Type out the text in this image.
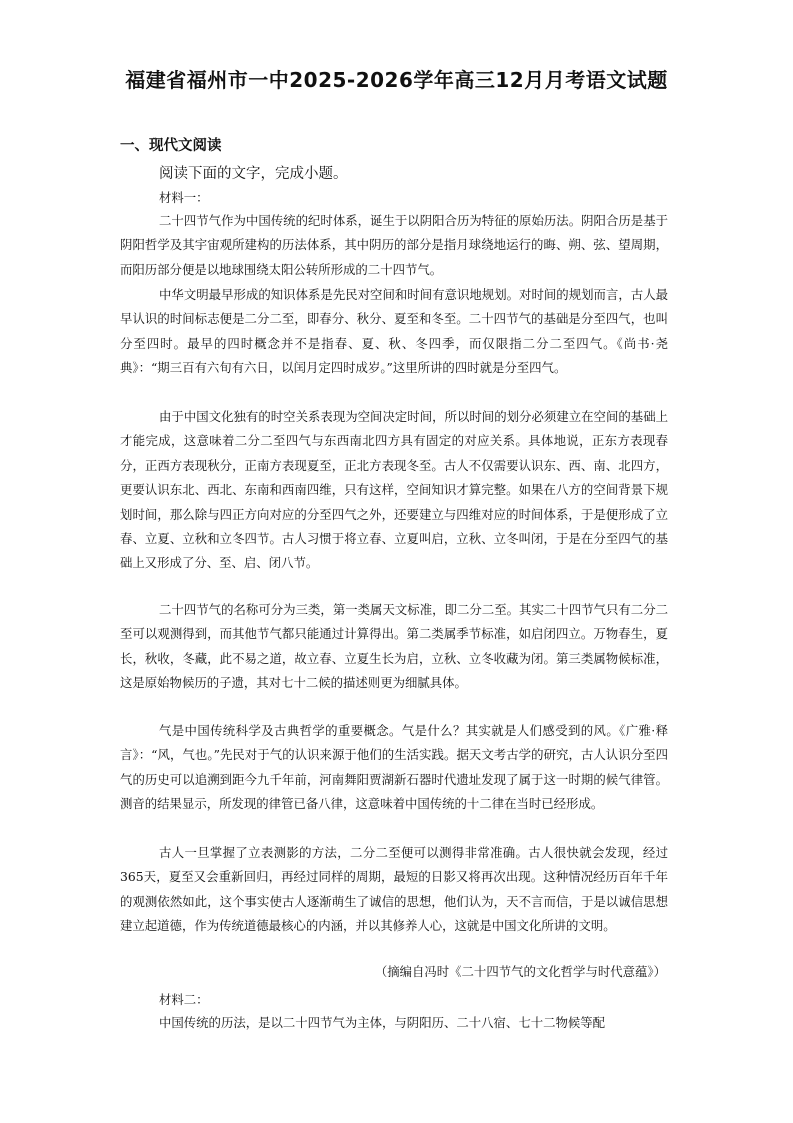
福建省福州市一中2025-2026学年高三12月月考语文试题
一、现代文阅读

阅读下面的文字，完成小题。

材料一：

二十四节气作为中国传统的纪时体系，诞生于以阴阳合历为特征的原始历法。阴阳合历是基于阴阳哲学及其宇宙观所建构的历法体系，其中阴历的部分是指月球绕地运行的晦、朔、弦、望周期，而阳历部分便是以地球围绕太阳公转所形成的二十四节气。

中华文明最早形成的知识体系是先民对空间和时间有意识地规划。对时间的规划而言，古人最早认识的时间标志便是二分二至，即春分、秋分、夏至和冬至。二十四节气的基础是分至四气，也叫分至四时。最早的四时概念并不是指春、夏、秋、冬四季，而仅限指二分二至四气。《尚书·尧典》：“期三百有六旬有六日，以闰月定四时成岁。”这里所讲的四时就是分至四气。

由于中国文化独有的时空关系表现为空间决定时间，所以时间的划分必须建立在空间的基础上才能完成，这意味着二分二至四气与东西南北四方具有固定的对应关系。具体地说，正东方表现春分，正西方表现秋分，正南方表现夏至，正北方表现冬至。古人不仅需要认识东、西、南、北四方，更要认识东北、西北、东南和西南四维，只有这样，空间知识才算完整。如果在八方的空间背景下规划时间，那么除与四正方向对应的分至四气之外，还要建立与四维对应的时间体系，于是便形成了立春、立夏、立秋和立冬四节。古人习惯于将立春、立夏叫启，立秋、立冬叫闭，于是在分至四气的基础上又形成了分、至、启、闭八节。

二十四节气的名称可分为三类，第一类属天文标准，即二分二至。其实二十四节气只有二分二至可以观测得到，而其他节气都只能通过计算得出。第二类属季节标准，如启闭四立。万物春生，夏长，秋收，冬藏，此不易之道，故立春、立夏生长为启，立秋、立冬收藏为闭。第三类属物候标准，这是原始物候历的子遗，其对七十二候的描述则更为细腻具体。

气是中国传统科学及古典哲学的重要概念。气是什么？其实就是人们感受到的风。《广雅·释言》：“风，气也。”先民对于气的认识来源于他们的生活实践。据天文考古学的研究，古人认识分至四气的历史可以追溯到距今九千年前，河南舞阳贾湖新石器时代遗址发现了属于这一时期的候气律管。测音的结果显示，所发现的律管已备八律，这意味着中国传统的十二律在当时已经形成。

古人一旦掌握了立表测影的方法，二分二至便可以测得非常准确。古人很快就会发现，经过365天，夏至又会重新回归，再经过同样的周期，最短的日影又将再次出现。这种情况经历百年千年的观测依然如此，这个事实使古人逐渐萌生了诚信的思想，他们认为，天不言而信，于是以诚信思想建立起道德，作为传统道德最核心的内涵，并以其修养人心，这就是中国文化所讲的文明。

（摘编自冯时《二十四节气的文化哲学与时代意蕴》）

材料二：

中国传统的历法，是以二十四节气为主体，与阴阳历、二十八宿、七十二物候等配
